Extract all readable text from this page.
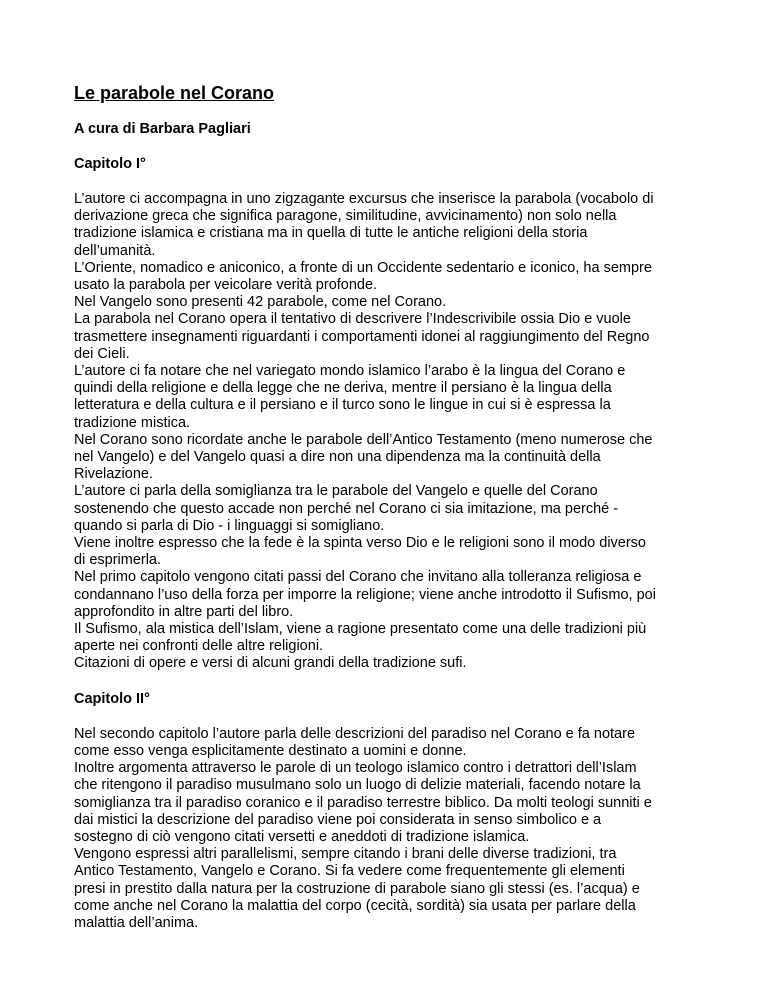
Le parabole nel Corano
A cura di Barbara Pagliari
Capitolo I°

L’autore ci accompagna in uno zigzagante excursus che inserisce la parabola (vocabolo di

derivazione greca che significa paragone, similitudine, avvicinamento) non solo nella

tradizione islamica e cristiana ma in quella di tutte le antiche religioni della storia

dell’umanità.

L’Oriente, nomadico e aniconico, a fronte di un Occidente sedentario e iconico, ha sempre

usato la parabola per veicolare verità profonde.

Nel Vangelo sono presenti 42 parabole, come nel Corano.

La parabola nel Corano opera il tentativo di descrivere l’Indescrivibile ossia Dio e vuole

trasmettere insegnamenti riguardanti i comportamenti idonei al raggiungimento del Regno

dei Cieli.

L’autore ci fa notare che nel variegato mondo islamico l’arabo è la lingua del Corano e

quindi della religione e della legge che ne deriva, mentre il persiano è la lingua della

letteratura e della cultura e il persiano e il turco sono le lingue in cui si è espressa la

tradizione mistica.

Nel Corano sono ricordate anche le parabole dell’Antico Testamento (meno numerose che

nel Vangelo) e del Vangelo quasi a dire non una dipendenza ma la continuità della

Rivelazione.

L’autore ci parla della somiglianza tra le parabole del Vangelo e quelle del Corano

sostenendo che questo accade non perché nel Corano ci sia imitazione, ma perché -

quando si parla di Dio - i linguaggi si somigliano.

Viene inoltre espresso che la fede è la spinta verso Dio e le religioni sono il modo diverso

di esprimerla.

Nel primo capitolo vengono citati passi del Corano che invitano alla tolleranza religiosa e

condannano l’uso della forza per imporre la religione; viene anche introdotto il Sufismo, poi

approfondito in altre parti del libro.

Il Sufismo, ala mistica dell’Islam, viene a ragione presentato come una delle tradizioni più

aperte nei confronti delle altre religioni.

Citazioni di opere e versi di alcuni grandi della tradizione sufi.

Capitolo II°

Nel secondo capitolo l’autore parla delle descrizioni del paradiso nel Corano e fa notare

come esso venga esplicitamente destinato a uomini e donne.

Inoltre argomenta attraverso le parole di un teologo islamico contro i detrattori dell’Islam

che ritengono il paradiso musulmano solo un luogo di delizie materiali, facendo notare la

somiglianza tra il paradiso coranico e il paradiso terrestre biblico. Da molti teologi sunniti e

dai mistici la descrizione del paradiso viene poi considerata in senso simbolico e a

sostegno di ciò vengono citati versetti e aneddoti di tradizione islamica.

Vengono espressi altri parallelismi, sempre citando i brani delle diverse tradizioni, tra

Antico Testamento, Vangelo e Corano. Si fa vedere come frequentemente gli elementi

presi in prestito dalla natura per la costruzione di parabole siano gli stessi (es. l’acqua) e

come anche nel Corano la malattia del corpo (cecità, sordità) sia usata per parlare della

malattia dell’anima.
